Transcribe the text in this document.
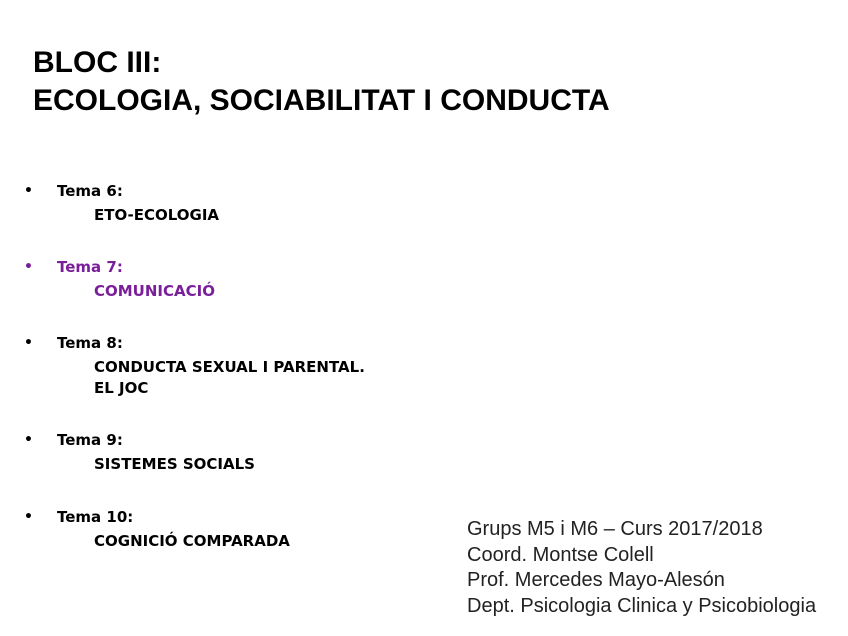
BLOC III:
ECOLOGIA, SOCIABILITAT I CONDUCTA
• Tema 6:
ETO-ECOLOGIA
• Tema 7:
COMUNICACIÓ
• Tema 8:
CONDUCTA SEXUAL I PARENTAL.
EL JOC
• Tema 9:
SISTEMES SOCIALS
• Tema 10:
COGNICIÓ COMPARADA
Grups M5 i M6 – Curs 2017/2018
Coord. Montse Colell
Prof. Mercedes Mayo-Alesón
Dept. Psicologia Clinica y Psicobiologia
